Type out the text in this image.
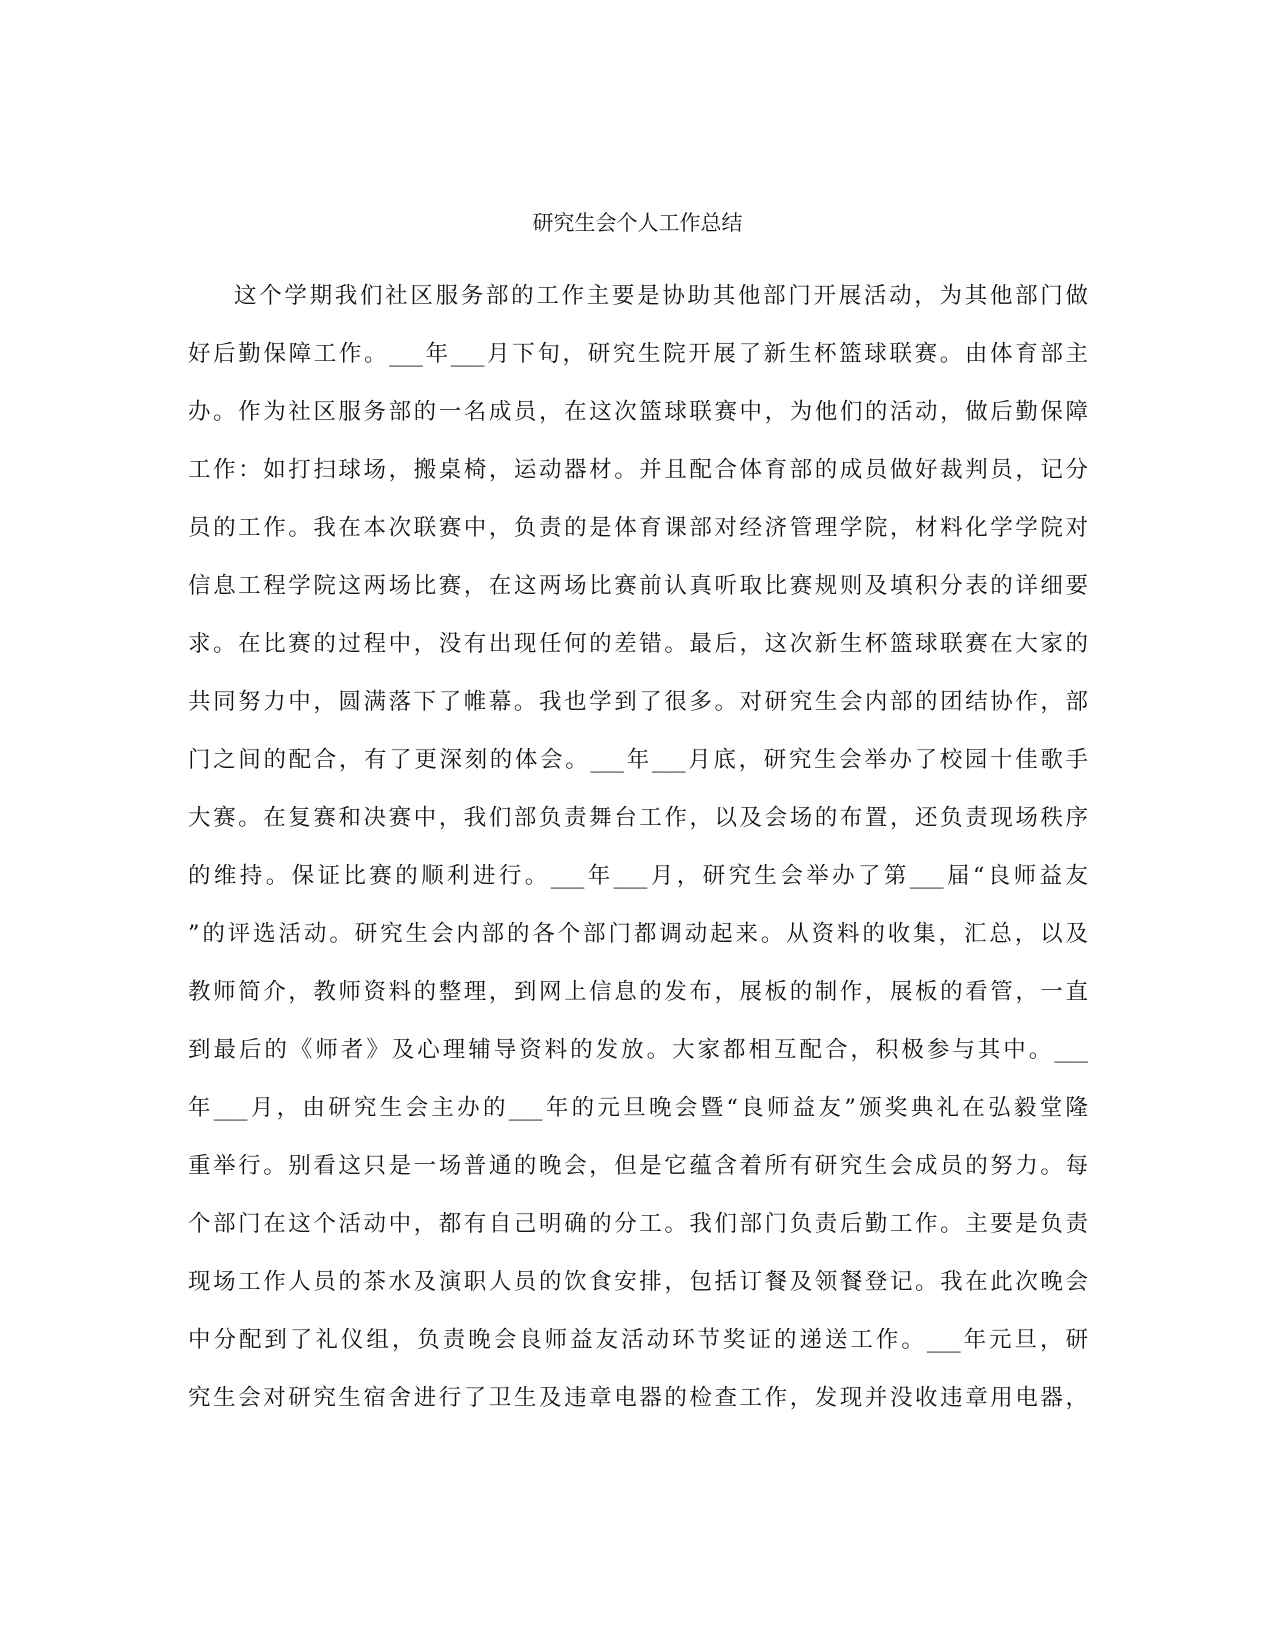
研究生会个人工作总结
这个学期我们社区服务部的工作主要是协助其他部门开展活动，为其他部门做
好后勤保障工作。___年___月下旬，研究生院开展了新生杯篮球联赛。由体育部主
办。作为社区服务部的一名成员，在这次篮球联赛中，为他们的活动，做后勤保障
工作：如打扫球场，搬桌椅，运动器材。并且配合体育部的成员做好裁判员，记分
员的工作。我在本次联赛中，负责的是体育课部对经济管理学院，材料化学学院对
信息工程学院这两场比赛，在这两场比赛前认真听取比赛规则及填积分表的详细要
求。在比赛的过程中，没有出现任何的差错。最后，这次新生杯篮球联赛在大家的
共同努力中，圆满落下了帷幕。我也学到了很多。对研究生会内部的团结协作，部
门之间的配合，有了更深刻的体会。___年___月底，研究生会举办了校园十佳歌手
大赛。在复赛和决赛中，我们部负责舞台工作，以及会场的布置，还负责现场秩序
的维持。保证比赛的顺利进行。___年___月，研究生会举办了第___届“良师益友
”的评选活动。研究生会内部的各个部门都调动起来。从资料的收集，汇总，以及
教师简介，教师资料的整理，到网上信息的发布，展板的制作，展板的看管，一直
到最后的《师者》及心理辅导资料的发放。大家都相互配合，积极参与其中。___
年___月，由研究生会主办的___年的元旦晚会暨“良师益友”颁奖典礼在弘毅堂隆
重举行。别看这只是一场普通的晚会，但是它蕴含着所有研究生会成员的努力。每
个部门在这个活动中，都有自己明确的分工。我们部门负责后勤工作。主要是负责
现场工作人员的茶水及演职人员的饮食安排，包括订餐及领餐登记。我在此次晚会
中分配到了礼仪组，负责晚会良师益友活动环节奖证的递送工作。___年元旦，研
究生会对研究生宿舍进行了卫生及违章电器的检查工作，发现并没收违章用电器，
